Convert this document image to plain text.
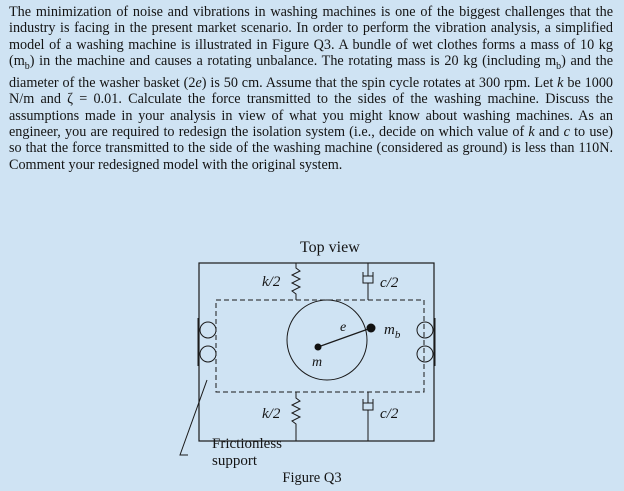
The minimization of noise and vibrations in washing machines is one of the biggest challenges that the industry is facing in the present market scenario. In order to perform the vibration analysis, a simplified model of a washing machine is illustrated in Figure Q3. A bundle of wet clothes forms a mass of 10 kg $(m_b)$ in the machine and causes a rotating unbalance. The rotating mass is 20 kg (including $m_b$) and the diameter of the washer basket (2e) is 50 cm. Assume that the spin cycle rotates at 300 rpm. Let k be 1000 N/m and ζ = 0.01. Calculate the force transmitted to the sides of the washing machine. Discuss the assumptions made in your analysis in view of what you might know about washing machines. As an engineer, you are required to redesign the isolation system (i.e., decide on which value of k and c to use) so that the force transmitted to the side of the washing machine (considered as ground) is less than 110N. Comment your redesigned model with the original system.

Top view
k/2	c/2
k/2	c/2
e	$m_b$
m
Frictionless
support

Figure Q3
